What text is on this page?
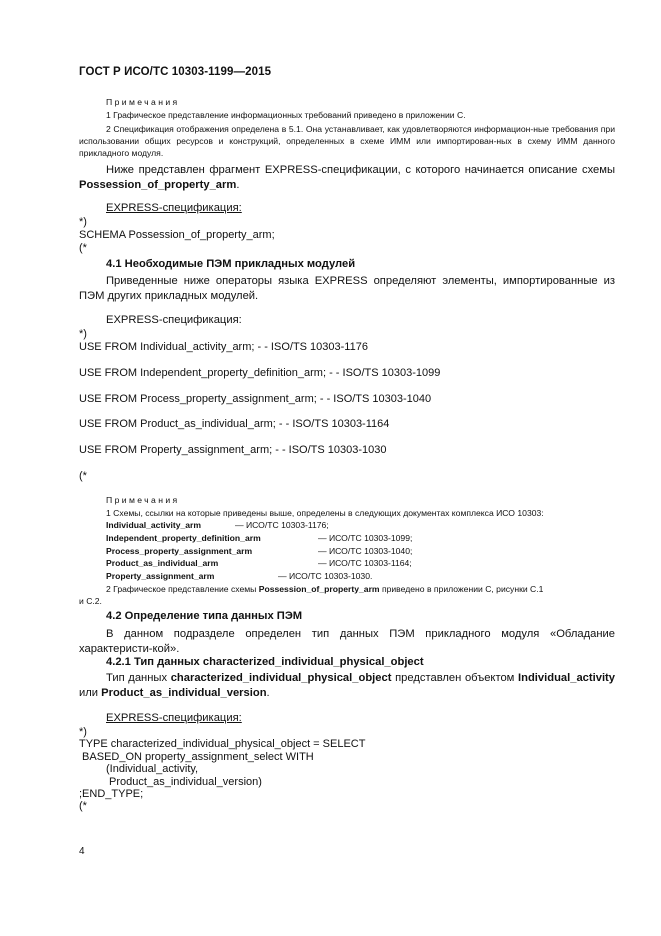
ГОСТ Р ИСО/ТС 10303-1199—2015
Примечания
1 Графическое представление информационных требований приведено в приложении С.
2 Спецификация отображения определена в 5.1. Она устанавливает, как удовлетворяются информацион-ные требования при использовании общих ресурсов и конструкций, определенных в схеме ИММ или импортирован-ных в схему ИММ данного прикладного модуля.
Ниже представлен фрагмент EXPRESS-спецификации, с которого начинается описание схемы Possession_of_property_arm.
EXPRESS-спецификация:
*)
SCHEMA Possession_of_property_arm;
(*
4.1 Необходимые ПЭМ прикладных модулей
Приведенные ниже операторы языка EXPRESS определяют элементы, импортированные из ПЭМ других прикладных модулей.
EXPRESS-спецификация:
*)
USE FROM Individual_activity_arm; - - ISO/TS 10303-1176
USE FROM Independent_property_definition_arm; - - ISO/TS 10303-1099
USE FROM Process_property_assignment_arm; - - ISO/TS 10303-1040
USE FROM Product_as_individual_arm; - - ISO/TS 10303-1164
USE FROM Property_assignment_arm; - - ISO/TS 10303-1030
(*
Примечания
1 Схемы, ссылки на которые приведены выше, определены в следующих документах комплекса ИСО 10303:
Individual_activity_arm	— ИСО/ТС 10303-1176;
Independent_property_definition_arm	— ИСО/ТС 10303-1099;
Process_property_assignment_arm	— ИСО/ТС 10303-1040;
Product_as_individual_arm	— ИСО/ТС 10303-1164;
Property_assignment_arm	— ИСО/ТС 10303-1030.
2 Графическое представление схемы Possession_of_property_arm приведено в приложении С, рисунки С.1
и С.2.
4.2 Определение типа данных ПЭМ
В данном подразделе определен тип данных ПЭМ прикладного модуля «Обладание характеристи-кой».
4.2.1 Тип данных characterized_individual_physical_object
Тип данных characterized_individual_physical_object представлен объектом Individual_activity или Product_as_individual_version.
EXPRESS-спецификация:
*)
TYPE characterized_individual_physical_object = SELECT
BASED_ON property_assignment_select WITH
(Individual_activity,
Product_as_individual_version)
;END_TYPE;
(*
4
